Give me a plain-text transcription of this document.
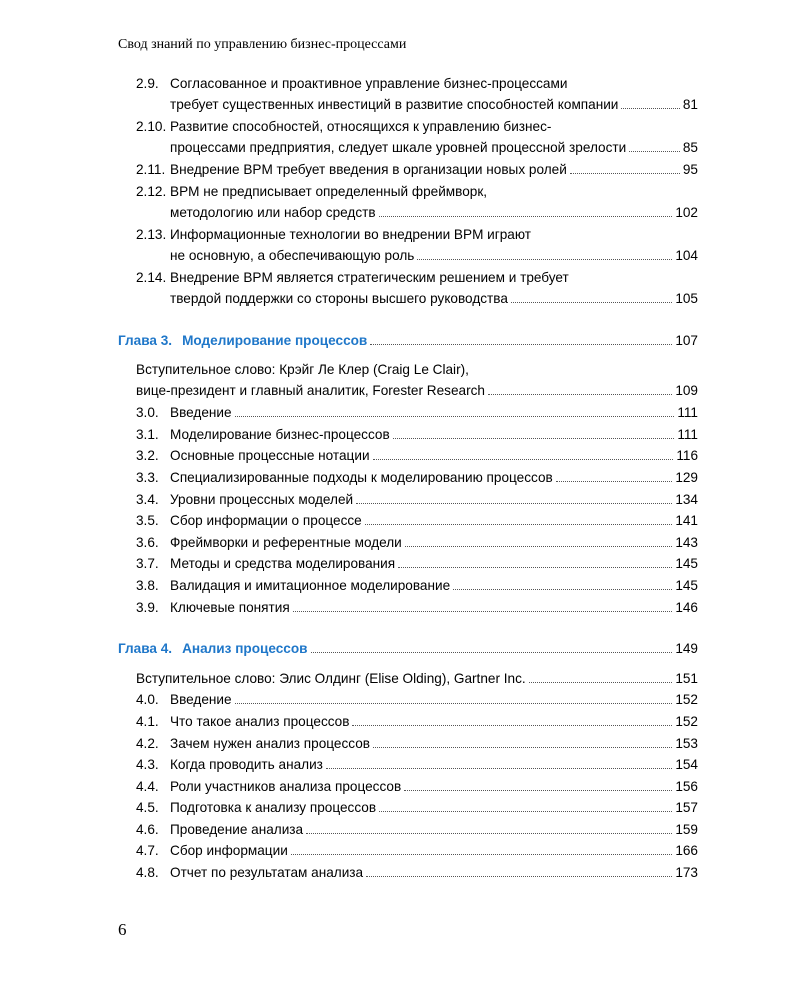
Свод знаний по управлению бизнес-процессами
2.9. Согласованное и проактивное управление бизнес-процессами
требует существенных инвестиций в развитие способностей компании	81
2.10. Развитие способностей, относящихся к управлению бизнес-
процессами предприятия, следует шкале уровней процессной зрелости	85
2.11. Внедрение BPM требует введения в организации новых ролей	95
2.12. BPM не предписывает определенный фреймворк,
методологию или набор средств	102
2.13. Информационные технологии во внедрении BPM играют
не основную, а обеспечивающую роль	104
2.14. Внедрение BPM является стратегическим решением и требует
твердой поддержки со стороны высшего руководства	105
Глава 3. Моделирование процессов	107
Вступительное слово: Крэйг Ле Клер (Craig Le Clair),
вице-президент и главный аналитик, Forester Research	109
3.0. Введение	111
3.1. Моделирование бизнес-процессов	111
3.2. Основные процессные нотации	116
3.3. Специализированные подходы к моделированию процессов	129
3.4. Уровни процессных моделей	134
3.5. Сбор информации о процессе	141
3.6. Фреймворки и референтные модели	143
3.7. Методы и средства моделирования	145
3.8. Валидация и имитационное моделирование	145
3.9. Ключевые понятия	146
Глава 4. Анализ процессов	149
Вступительное слово: Элис Олдинг (Elise Olding), Gartner Inc.	151
4.0. Введение	152
4.1. Что такое анализ процессов	152
4.2. Зачем нужен анализ процессов	153
4.3. Когда проводить анализ	154
4.4. Роли участников анализа процессов	156
4.5. Подготовка к анализу процессов	157
4.6. Проведение анализа	159
4.7. Сбор информации	166
4.8. Отчет по результатам анализа	173
6
